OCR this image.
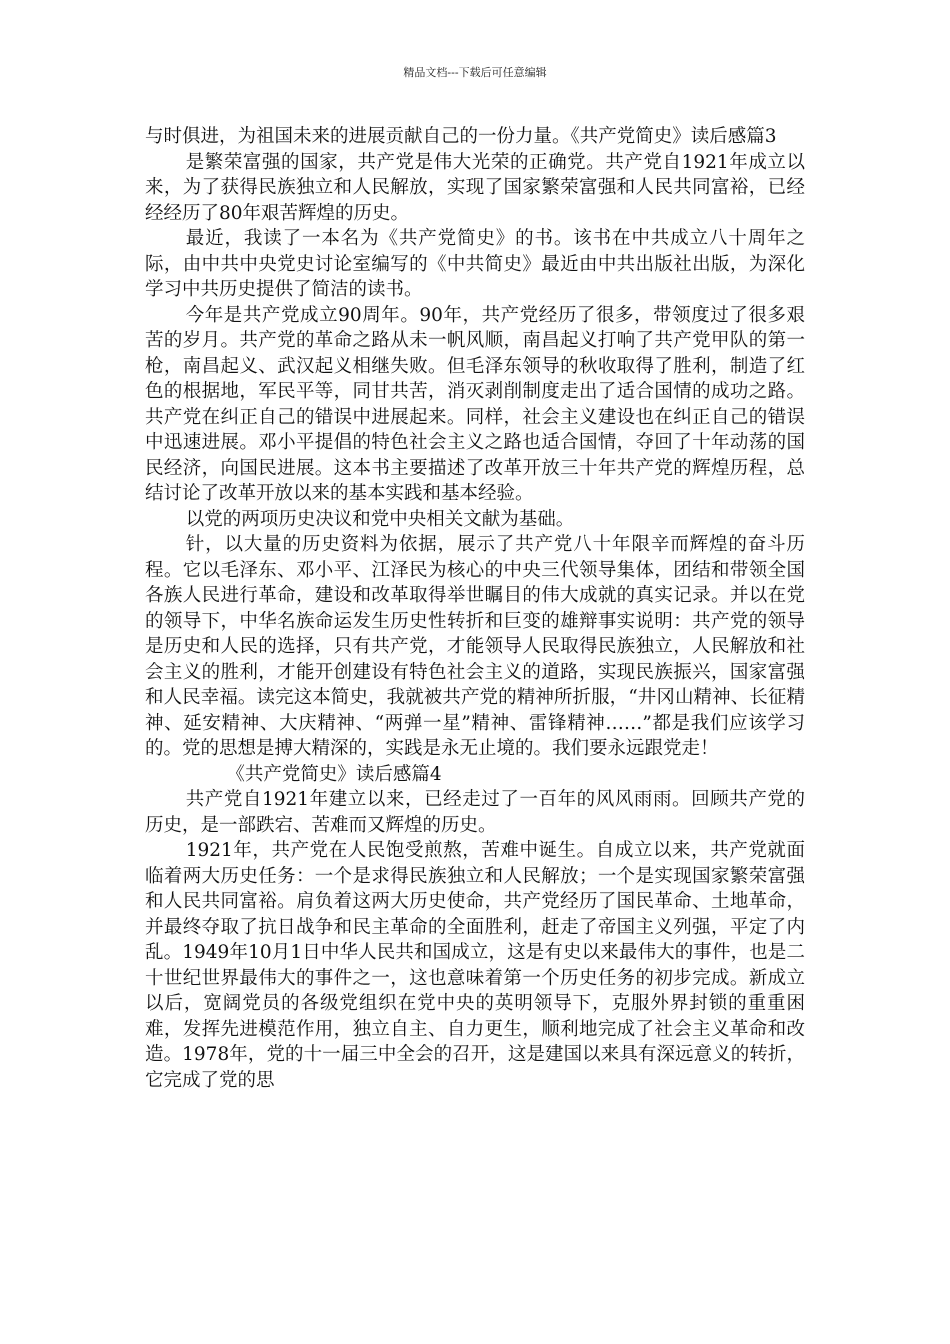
精品文档---下载后可任意编辑

与时俱进，为祖国未来的进展贡献自己的一份力量。《共产党简史》读后感篇3

是繁荣富强的国家，共产党是伟大光荣的正确党。共产党自1921年成立以来，为了获得民族独立和人民解放，实现了国家繁荣富强和人民共同富裕，已经经经历了80年艰苦辉煌的历史。

最近，我读了一本名为《共产党简史》的书。该书在中共成立八十周年之际，由中共中央党史讨论室编写的《中共简史》最近由中共出版社出版，为深化学习中共历史提供了简洁的读书。

今年是共产党成立90周年。90年，共产党经历了很多，带领度过了很多艰苦的岁月。共产党的革命之路从未一帆风顺，南昌起义打响了共产党甲队的第一枪，南昌起义、武汉起义相继失败。但毛泽东领导的秋收取得了胜利，制造了红色的根据地，军民平等，同甘共苦，消灭剥削制度走出了适合国情的成功之路。共产党在纠正自己的错误中进展起来。同样，社会主义建设也在纠正自己的错误中迅速进展。邓小平提倡的特色社会主义之路也适合国情，夺回了十年动荡的国民经济，向国民进展。这本书主要描述了改革开放三十年共产党的辉煌历程，总结讨论了改革开放以来的基本实践和基本经验。

以党的两项历史决议和党中央相关文献为基础。

针，以大量的历史资料为依据，展示了共产党八十年限辛而辉煌的奋斗历程。它以毛泽东、邓小平、江泽民为核心的中央三代领导集体，团结和带领全国各族人民进行革命，建设和改革取得举世瞩目的伟大成就的真实记录。并以在党的领导下，中华名族命运发生历史性转折和巨变的雄辩事实说明：共产党的领导是历史和人民的选择，只有共产党，才能领导人民取得民族独立，人民解放和社会主义的胜利，才能开创建设有特色社会主义的道路，实现民族振兴，国家富强和人民幸福。读完这本简史，我就被共产党的精神所折服，“井冈山精神、长征精神、延安精神、大庆精神、“两弹一星”精神、雷锋精神……”都是我们应该学习的。党的思想是搏大精深的，实践是永无止境的。我们要永远跟党走！

《共产党简史》读后感篇4

共产党自1921年建立以来，已经走过了一百年的风风雨雨。回顾共产党的历史，是一部跌宕、苦难而又辉煌的历史。

1921年，共产党在人民饱受煎熬，苦难中诞生。自成立以来，共产党就面临着两大历史任务：一个是求得民族独立和人民解放；一个是实现国家繁荣富强和人民共同富裕。肩负着这两大历史使命，共产党经历了国民革命、土地革命，并最终夺取了抗日战争和民主革命的全面胜利，赶走了帝国主义列强，平定了内乱。1949年10月1日中华人民共和国成立，这是有史以来最伟大的事件，也是二十世纪世界最伟大的事件之一，这也意味着第一个历史任务的初步完成。新成立以后，宽阔党员的各级党组织在党中央的英明领导下，克服外界封锁的重重困难，发挥先进模范作用，独立自主、自力更生，顺利地完成了社会主义革命和改造。1978年，党的十一届三中全会的召开，这是建国以来具有深远意义的转折，它完成了党的思
